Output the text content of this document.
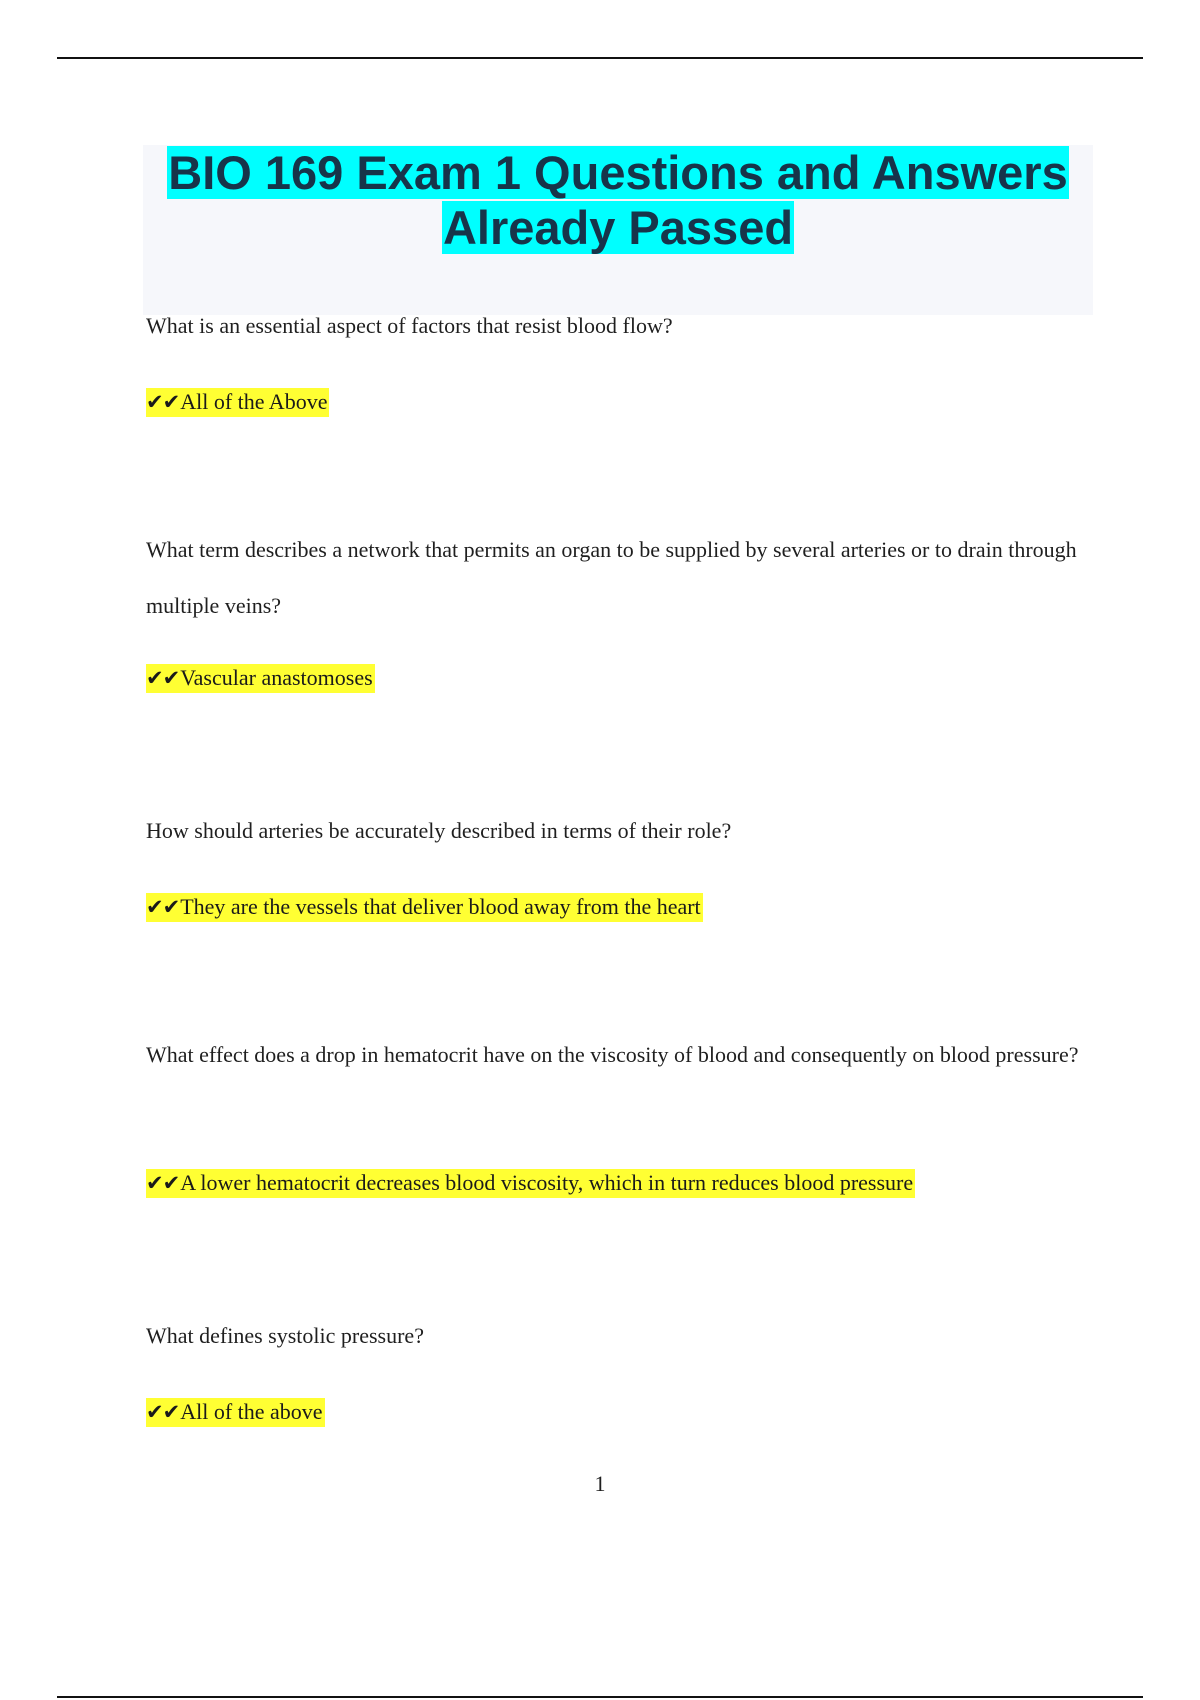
BIO 169 Exam 1 Questions and Answers
Already Passed

What is an essential aspect of factors that resist blood flow?

✔✔All of the Above

What term describes a network that permits an organ to be supplied by several arteries or to drain through multiple veins?

✔✔Vascular anastomoses

How should arteries be accurately described in terms of their role?

✔✔They are the vessels that deliver blood away from the heart

What effect does a drop in hematocrit have on the viscosity of blood and consequently on blood pressure?

✔✔A lower hematocrit decreases blood viscosity, which in turn reduces blood pressure

What defines systolic pressure?

✔✔All of the above

1
